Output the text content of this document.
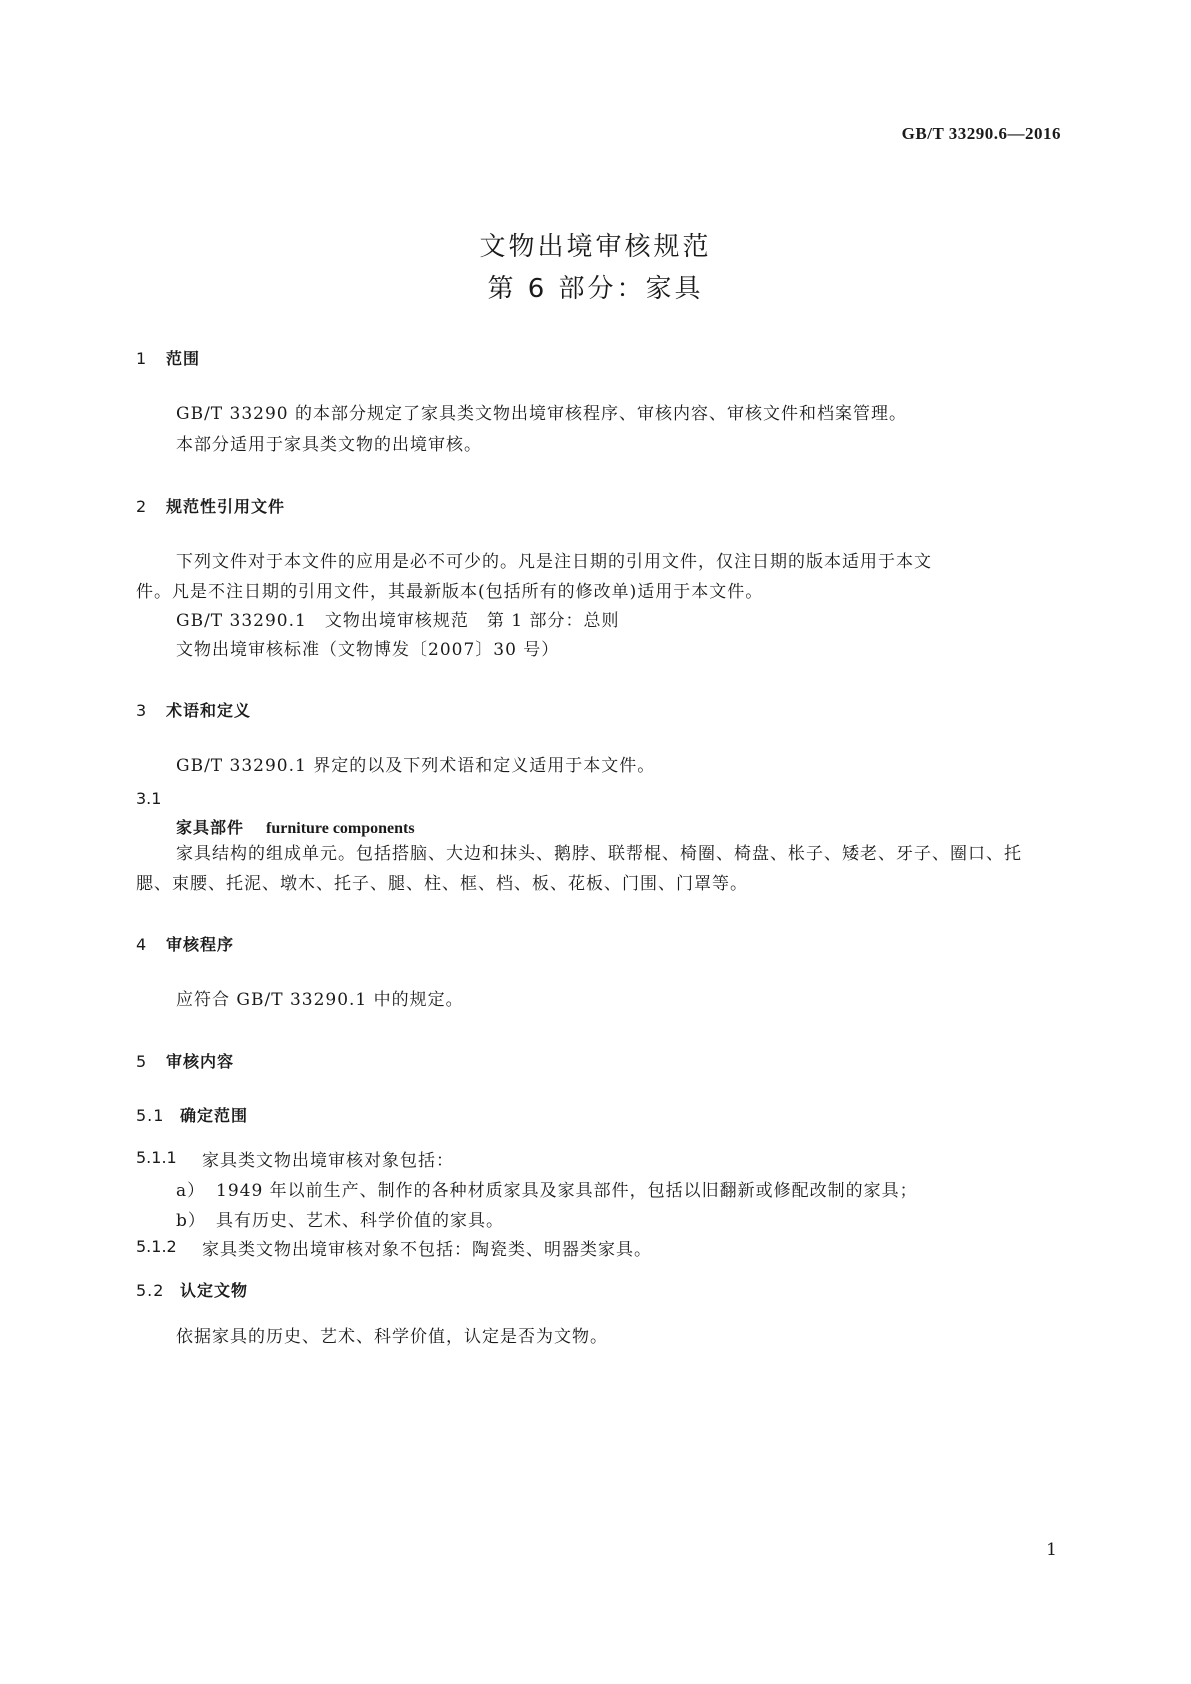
GB/T 33290.6—2016
文物出境审核规范
第 6 部分：家具
1 范围
GB/T 33290 的本部分规定了家具类文物出境审核程序、审核内容、审核文件和档案管理。
本部分适用于家具类文物的出境审核。
2 规范性引用文件
下列文件对于本文件的应用是必不可少的。凡是注日期的引用文件，仅注日期的版本适用于本文
件。凡是不注日期的引用文件，其最新版本(包括所有的修改单)适用于本文件。
GB/T 33290.1　文物出境审核规范　第 1 部分：总则
文物出境审核标准（文物博发〔2007〕30 号）
3 术语和定义
GB/T 33290.1 界定的以及下列术语和定义适用于本文件。
3.1
家具部件 furniture components
家具结构的组成单元。包括搭脑、大边和抹头、鹅脖、联帮棍、椅圈、椅盘、枨子、矮老、牙子、圈口、托
腮、束腰、托泥、墩木、托子、腿、柱、框、档、板、花板、门围、门罩等。
4 审核程序
应符合 GB/T 33290.1 中的规定。
5 审核内容
5.1 确定范围
5.1.1 家具类文物出境审核对象包括：
a） 1949 年以前生产、制作的各种材质家具及家具部件，包括以旧翻新或修配改制的家具；
b） 具有历史、艺术、科学价值的家具。
5.1.2 家具类文物出境审核对象不包括：陶瓷类、明器类家具。
5.2 认定文物
依据家具的历史、艺术、科学价值，认定是否为文物。
1
